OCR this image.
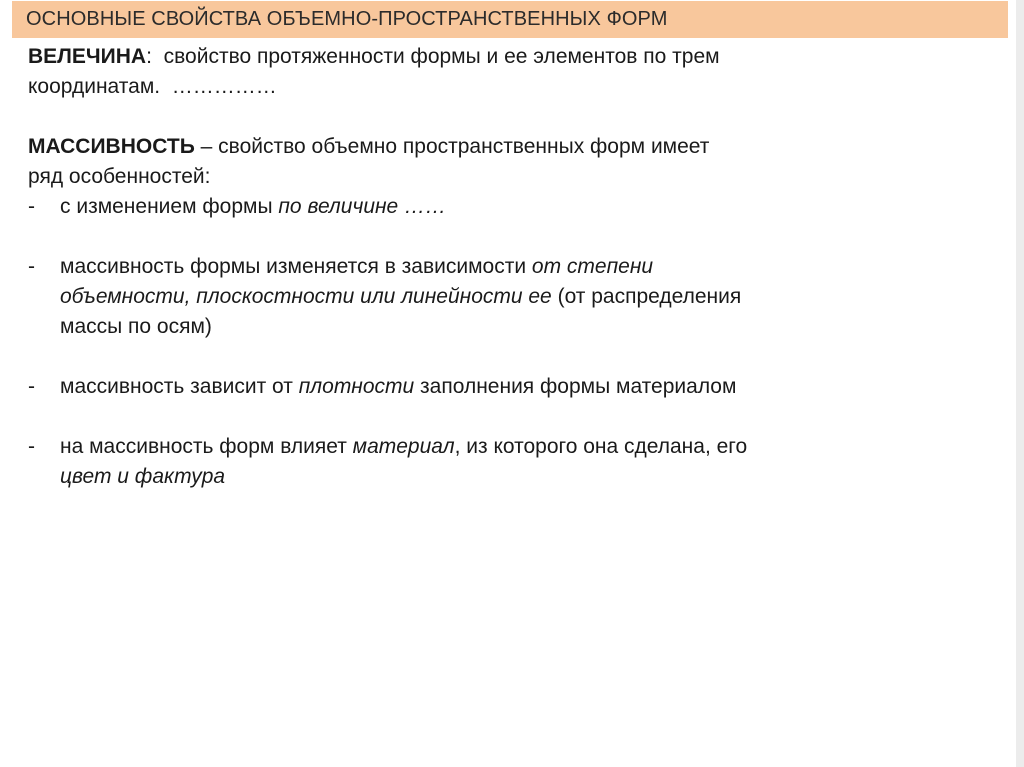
ОСНОВНЫЕ СВОЙСТВА ОБЪЕМНО-ПРОСТРАНСТВЕННЫХ ФОРМ

ВЕЛЕЧИНА:  свойство протяженности формы и ее элементов по трем координатам.  ……………

МАССИВНОСТЬ – свойство объемно пространственных форм имеет ряд особенностей:

-	с изменением формы по величине ……
-	массивность формы изменяется в зависимости от степени объемности, плоскостности или линейности ее (от распределения массы по осям)
-	массивность зависит от плотности заполнения формы материалом
-	на массивность форм влияет материал, из которого она сделана, его цвет и фактура
